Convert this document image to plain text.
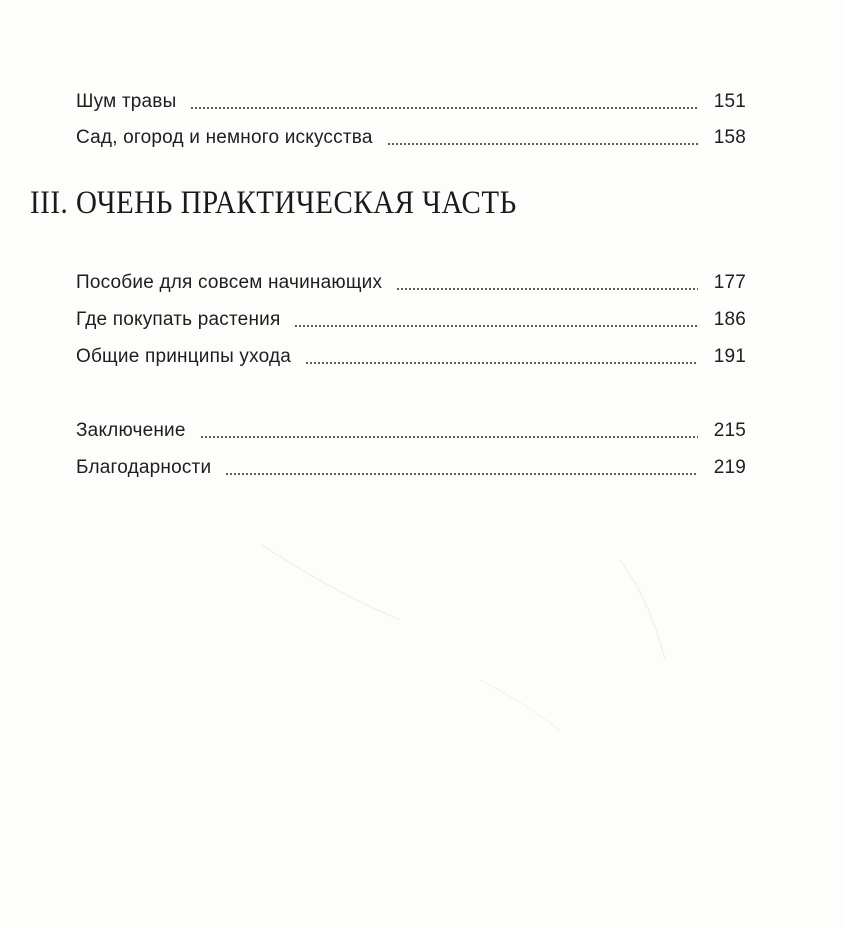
Шум травы	151
Сад, огород и немного искусства	158
III. ОЧЕНЬ ПРАКТИЧЕСКАЯ ЧАСТЬ
Пособие для совсем начинающих	177
Где покупать растения	186
Общие принципы ухода	191
Заключение	215
Благодарности	219
